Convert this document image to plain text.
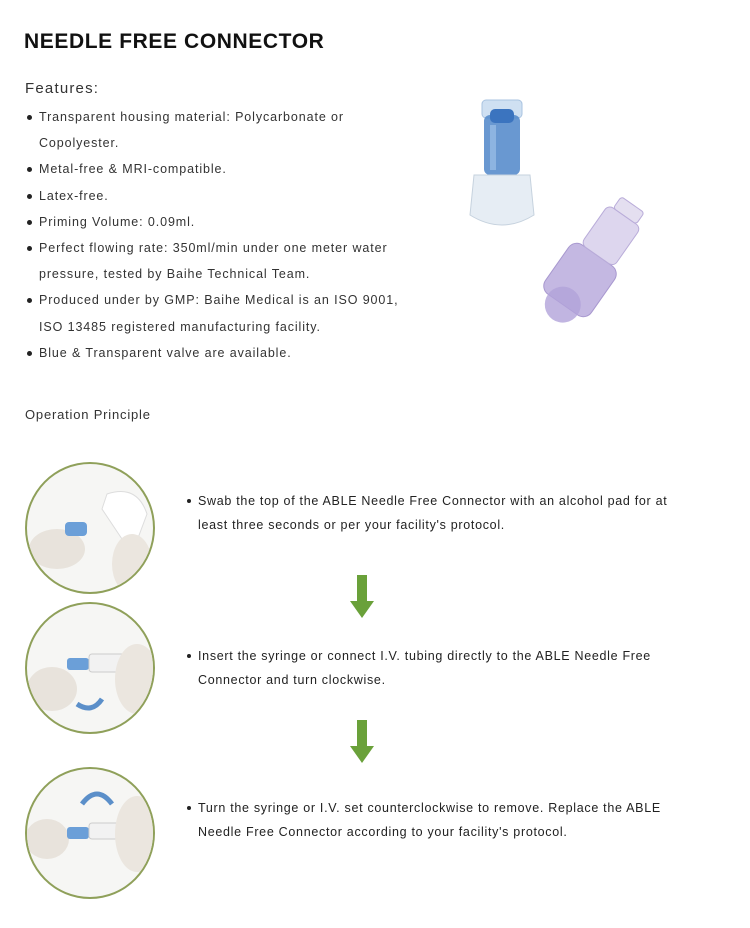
NEEDLE FREE CONNECTOR
Features:
Transparent housing material: Polycarbonate or Copolyester.
Metal-free & MRI-compatible.
Latex-free.
Priming Volume: 0.09ml.
Perfect flowing rate: 350ml/min under one meter water pressure, tested by Baihe Technical Team.
Produced under by GMP: Baihe Medical is an ISO 9001, ISO 13485 registered manufacturing facility.
Blue & Transparent valve are available.
Operation Principle
Swab the top of the ABLE Needle Free Connector with an alcohol pad for at least three seconds or per your facility's protocol.
Insert the syringe or connect I.V. tubing directly to the ABLE Needle Free Connector and turn clockwise.
Turn the syringe or I.V. set counterclockwise to remove. Replace the ABLE Needle Free Connector according to your facility's protocol.
